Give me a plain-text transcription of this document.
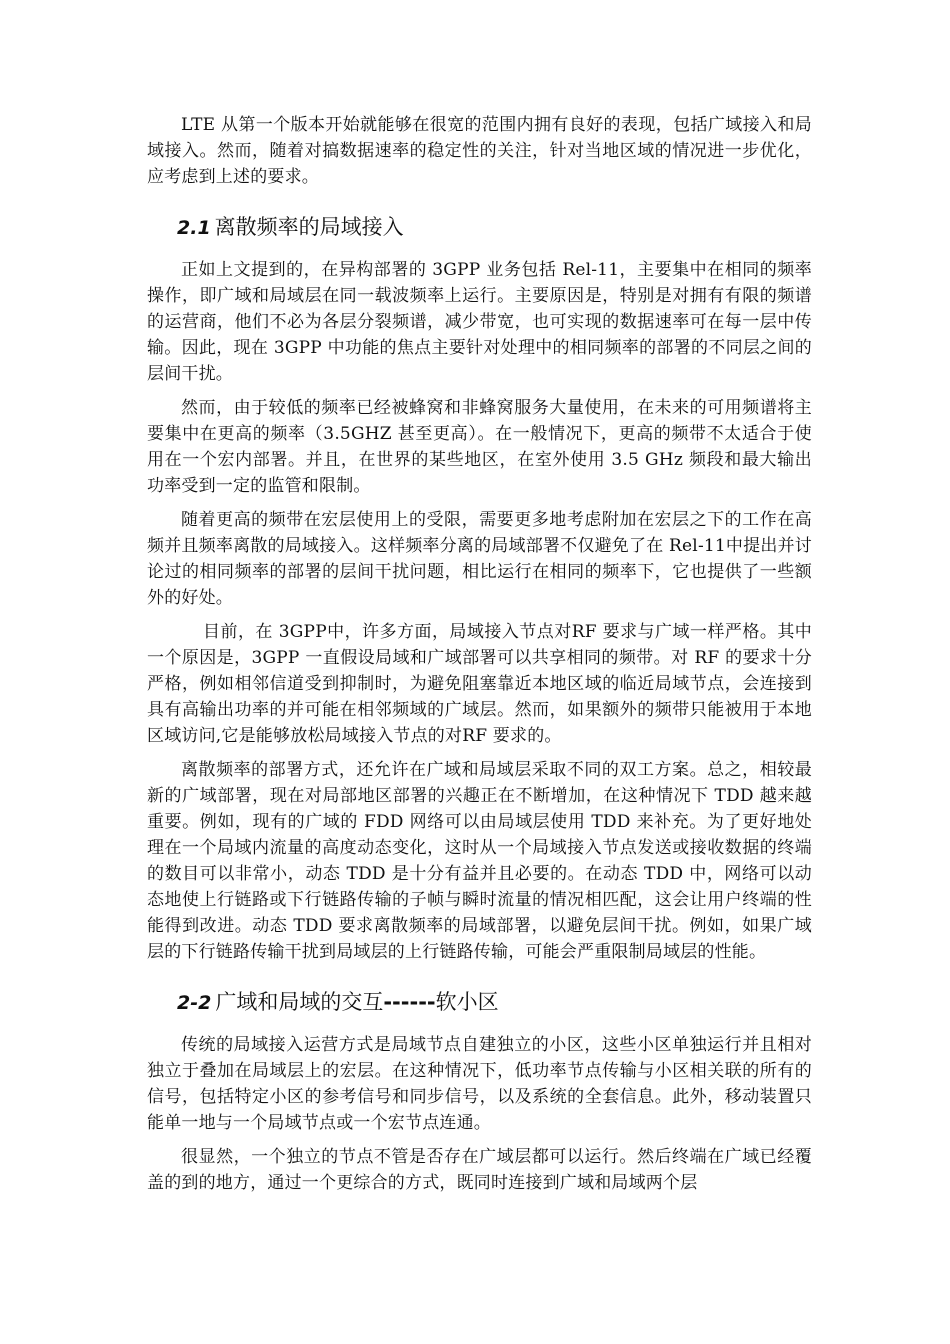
LTE 从第一个版本开始就能够在很宽的范围内拥有良好的表现，包括广域接入和局域接入。然而，随着对搞数据速率的稳定性的关注，针对当地区域的情况进一步优化，应考虑到上述的要求。

2.1 离散频率的局域接入

正如上文提到的，在异构部署的 3GPP 业务包括 Rel-11，主要集中在相同的频率操作，即广域和局域层在同一载波频率上运行。主要原因是，特别是对拥有有限的频谱的运营商，他们不必为各层分裂频谱，减少带宽，也可实现的数据速率可在每一层中传输。因此，现在 3GPP 中功能的焦点主要针对处理中的相同频率的部署的不同层之间的层间干扰。

然而，由于较低的频率已经被蜂窝和非蜂窝服务大量使用，在未来的可用频谱将主要集中在更高的频率（3.5GHZ 甚至更高）。在一般情况下，更高的频带不太适合于使用在一个宏内部署。并且，在世界的某些地区，在室外使用 3.5 GHz 频段和最大输出功率受到一定的监管和限制。

随着更高的频带在宏层使用上的受限，需要更多地考虑附加在宏层之下的工作在高频并且频率离散的局域接入。这样频率分离的局域部署不仅避免了在 Rel-11中提出并讨论过的相同频率的部署的层间干扰问题，相比运行在相同的频率下，它也提供了一些额外的好处。

目前，在 3GPP中，许多方面，局域接入节点对RF 要求与广域一样严格。其中一个原因是，3GPP 一直假设局域和广域部署可以共享相同的频带。对 RF 的要求十分严格，例如相邻信道受到抑制时，为避免阻塞靠近本地区域的临近局域节点，会连接到具有高输出功率的并可能在相邻频域的广域层。然而，如果额外的频带只能被用于本地区域访问,它是能够放松局域接入节点的对RF 要求的。

离散频率的部署方式，还允许在广域和局域层采取不同的双工方案。总之，相较最新的广域部署，现在对局部地区部署的兴趣正在不断增加，在这种情况下 TDD 越来越重要。例如，现有的广域的 FDD 网络可以由局域层使用 TDD 来补充。为了更好地处理在一个局域内流量的高度动态变化，这时从一个局域接入节点发送或接收数据的终端的数目可以非常小，动态 TDD 是十分有益并且必要的。在动态 TDD 中，网络可以动态地使上行链路或下行链路传输的子帧与瞬时流量的情况相匹配，这会让用户终端的性能得到改进。动态 TDD 要求离散频率的局域部署，以避免层间干扰。例如，如果广域层的下行链路传输干扰到局域层的上行链路传输，可能会严重限制局域层的性能。

2-2 广域和局域的交互------软小区

传统的局域接入运营方式是局域节点自建独立的小区，这些小区单独运行并且相对独立于叠加在局域层上的宏层。在这种情况下，低功率节点传输与小区相关联的所有的信号，包括特定小区的参考信号和同步信号，以及系统的全套信息。此外，移动装置只能单一地与一个局域节点或一个宏节点连通。

很显然，一个独立的节点不管是否存在广域层都可以运行。然后终端在广域已经覆盖的到的地方，通过一个更综合的方式，既同时连接到广域和局域两个层
